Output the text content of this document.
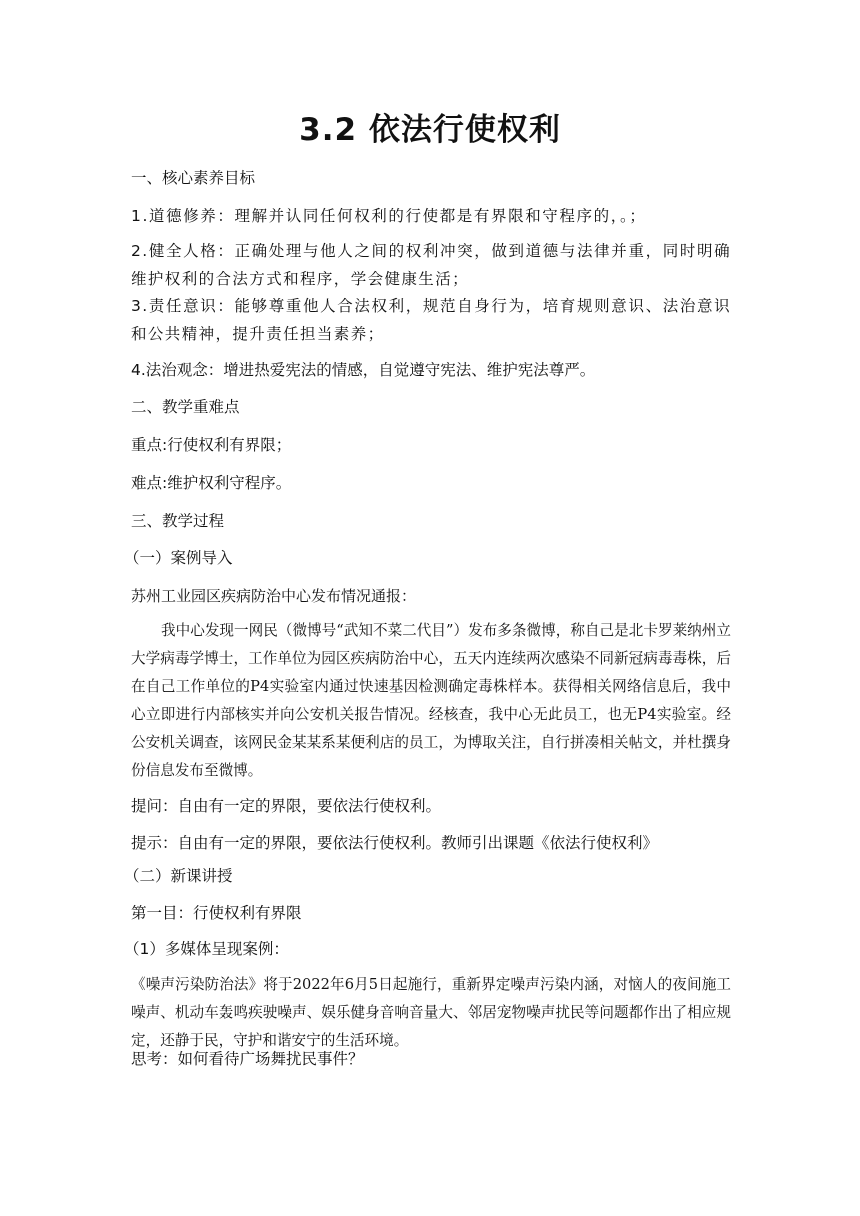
3.2 依法行使权利
一、核心素养目标
1.道德修养：理解并认同任何权利的行使都是有界限和守程序的，。；
2.健全人格：正确处理与他人之间的权利冲突，做到道德与法律并重，同时明确维护权利的合法方式和程序，学会健康生活；
3.责任意识：能够尊重他人合法权利，规范自身行为，培育规则意识、法治意识和公共精神，提升责任担当素养；
4.法治观念：增进热爱宪法的情感，自觉遵守宪法、维护宪法尊严。
二、教学重难点
重点:行使权利有界限；
难点:维护权利守程序。
三、教学过程
（一）案例导入
苏州工业园区疾病防治中心发布情况通报：
我中心发现一网民（微博号“武知不菜二代目”）发布多条微博，称自己是北卡罗莱纳州立大学病毒学博士，工作单位为园区疾病防治中心，五天内连续两次感染不同新冠病毒毒株，后在自己工作单位的P4实验室内通过快速基因检测确定毒株样本。获得相关网络信息后，我中心立即进行内部核实并向公安机关报告情况。经核查，我中心无此员工，也无P4实验室。经公安机关调查，该网民金某某系某便利店的员工，为博取关注，自行拼凑相关帖文，并杜撰身份信息发布至微博。
提问：自由有一定的界限，要依法行使权利。
提示：自由有一定的界限，要依法行使权利。教师引出课题《依法行使权利》
（二）新课讲授
第一目：行使权利有界限
（1）多媒体呈现案例：
《噪声污染防治法》将于2022年6月5日起施行，重新界定噪声污染内涵，对恼人的夜间施工噪声、机动车轰鸣疾驶噪声、娱乐健身音响音量大、邻居宠物噪声扰民等问题都作出了相应规定，还静于民，守护和谐安宁的生活环境。
思考：如何看待广场舞扰民事件？
